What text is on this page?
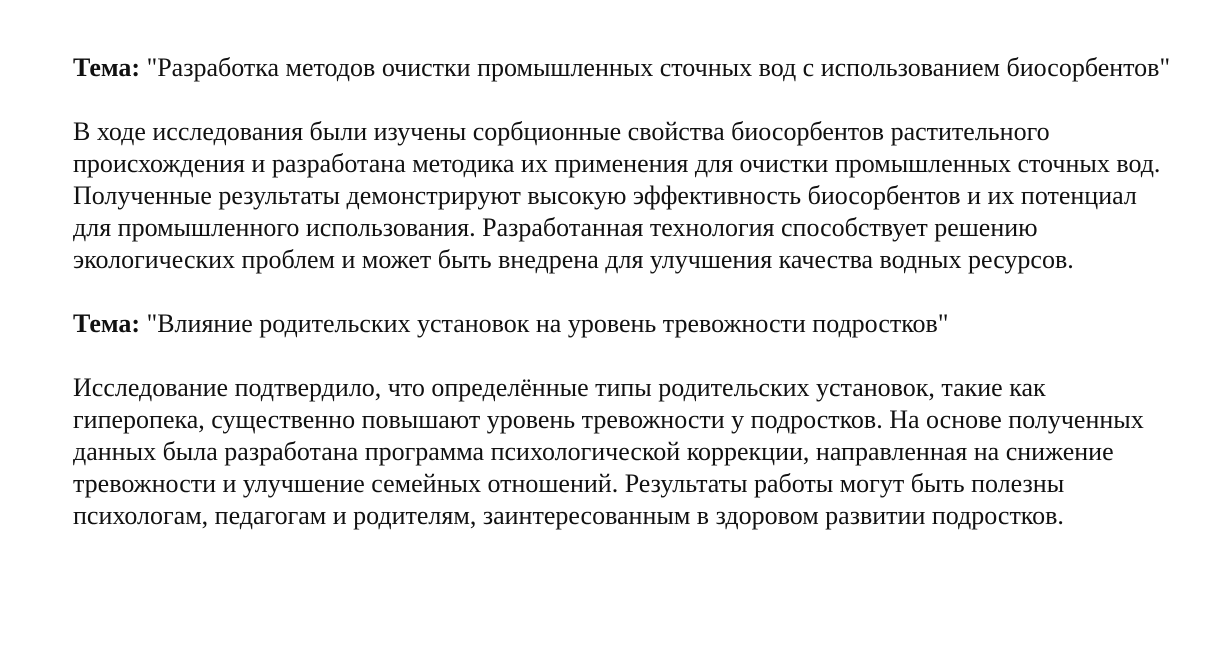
Тема: "Разработка методов очистки промышленных сточных вод с использованием биосорбентов"

В ходе исследования были изучены сорбционные свойства биосорбентов растительного происхождения и разработана методика их применения для очистки промышленных сточных вод. Полученные результаты демонстрируют высокую эффективность биосорбентов и их потенциал для промышленного использования. Разработанная технология способствует решению экологических проблем и может быть внедрена для улучшения качества водных ресурсов.

Тема: "Влияние родительских установок на уровень тревожности подростков"

Исследование подтвердило, что определённые типы родительских установок, такие как гиперопека, существенно повышают уровень тревожности у подростков. На основе полученных данных была разработана программа психологической коррекции, направленная на снижение тревожности и улучшение семейных отношений. Результаты работы могут быть полезны психологам, педагогам и родителям, заинтересованным в здоровом развитии подростков.
